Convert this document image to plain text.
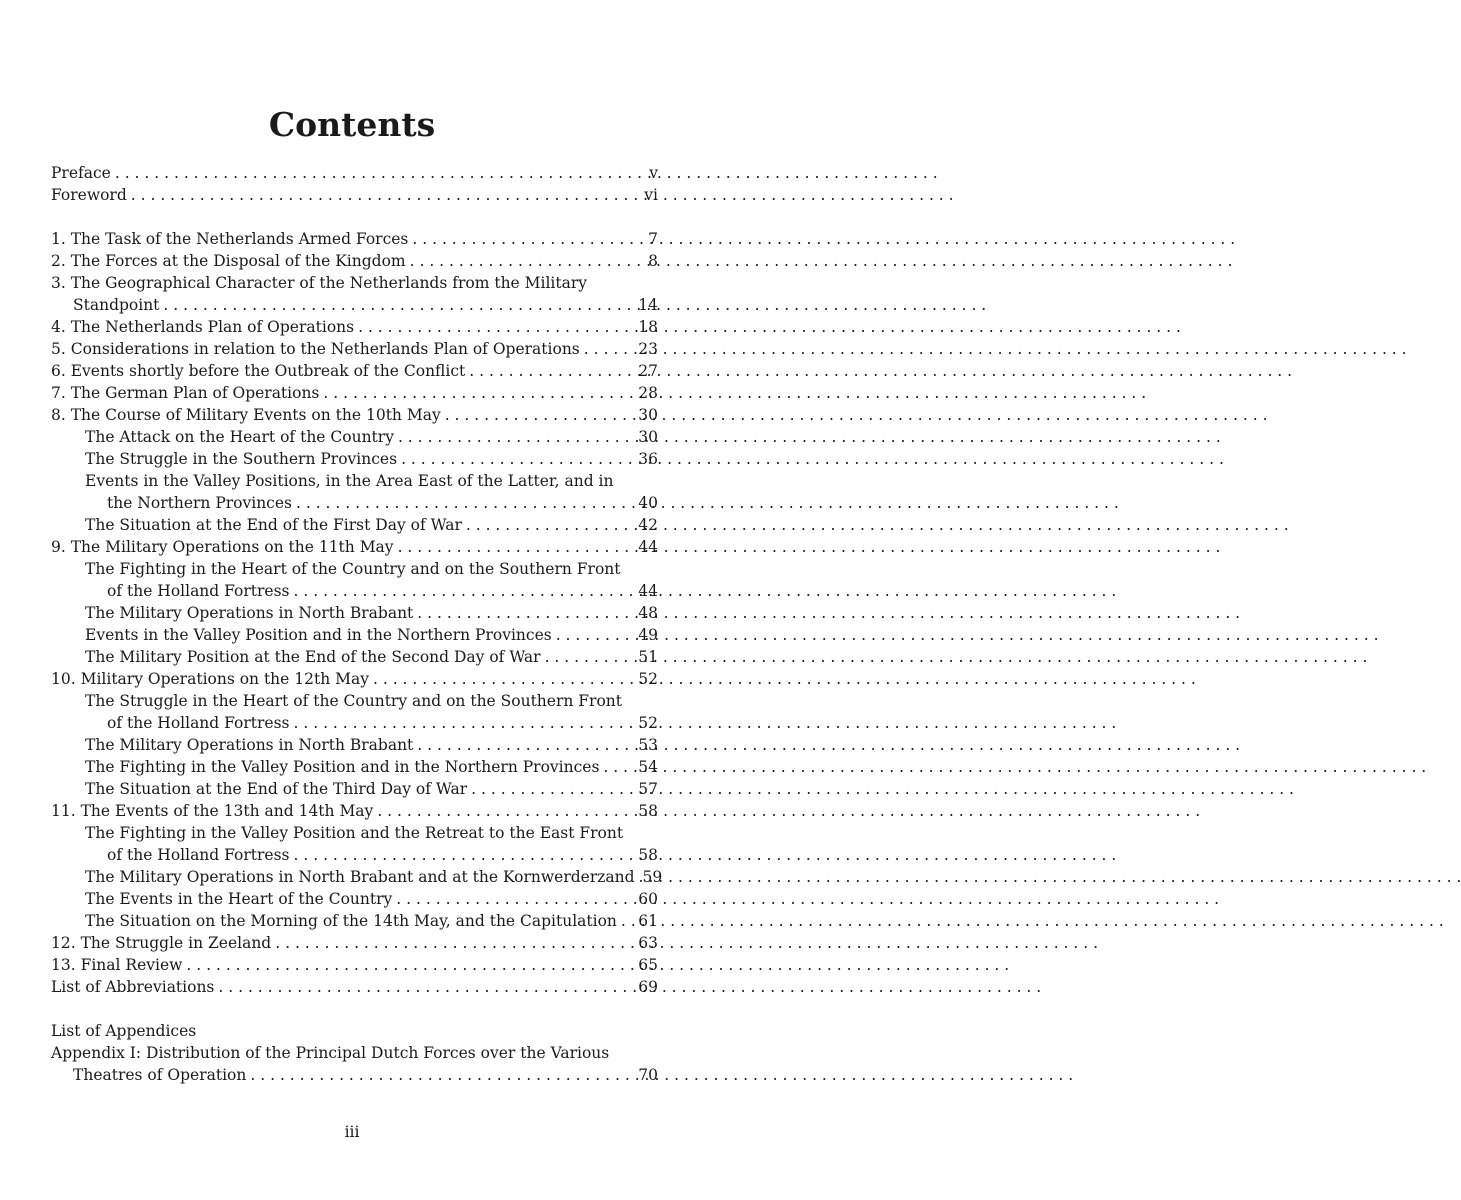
Contents
Preface . . .	v
Foreword . . .	vi
1. The Task of the Netherlands Armed Forces . . .	7
2. The Forces at the Disposal of the Kingdom . . .	8
3. The Geographical Character of the Netherlands from the Military
Standpoint . . .	14
4. The Netherlands Plan of Operations . . .	18
5. Considerations in relation to the Netherlands Plan of Operations . . .	23
6. Events shortly before the Outbreak of the Conflict . . .	27
7. The German Plan of Operations . . .	28
8. The Course of Military Events on the 10th May . . .	30
The Attack on the Heart of the Country . . .	30
The Struggle in the Southern Provinces . . .	36
Events in the Valley Positions, in the Area East of the Latter, and in
the Northern Provinces . . .	40
The Situation at the End of the First Day of War . . .	42
9. The Military Operations on the 11th May . . .	44
The Fighting in the Heart of the Country and on the Southern Front
of the Holland Fortress . . .	44
The Military Operations in North Brabant . . .	48
Events in the Valley Position and in the Northern Provinces . . .	49
The Military Position at the End of the Second Day of War . . .	51
10. Military Operations on the 12th May . . .	52
The Struggle in the Heart of the Country and on the Southern Front
of the Holland Fortress . . .	52
The Military Operations in North Brabant . . .	53
The Fighting in the Valley Position and in the Northern Provinces . . .	54
The Situation at the End of the Third Day of War . . .	57
11. The Events of the 13th and 14th May . . .	58
The Fighting in the Valley Position and the Retreat to the East Front
of the Holland Fortress . . .	58
The Military Operations in North Brabant and at the Kornwerderzand . . . 59
The Events in the Heart of the Country . . .	60
The Situation on the Morning of the 14th May, and the Capitulation . . . 61
12. The Struggle in Zeeland . . .	63
13. Final Review . . .	65
List of Abbreviations . . .	69
List of Appendices
Appendix I: Distribution of the Principal Dutch Forces over the Various
Theatres of Operation . . .	70
iii
